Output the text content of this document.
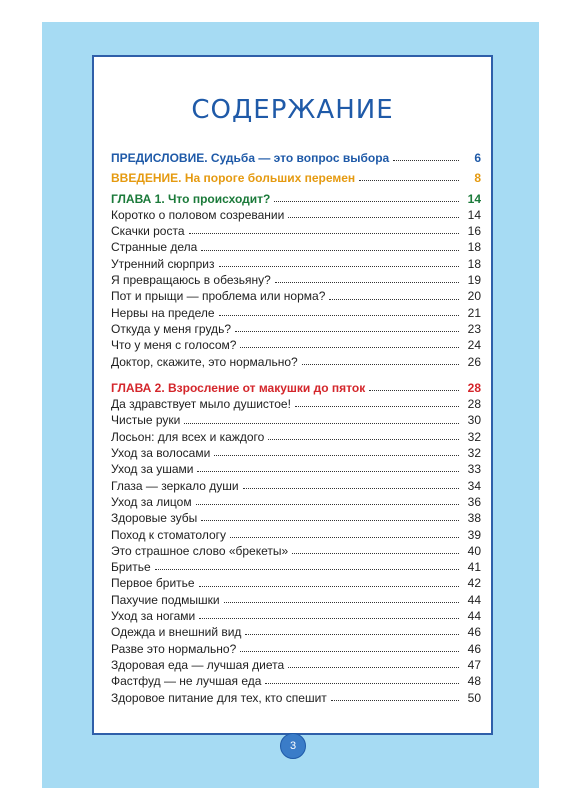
СОДЕРЖАНИЕ
ПРЕДИСЛОВИЕ. Судьба — это вопрос выбора	6
ВВЕДЕНИЕ. На пороге больших перемен	8
ГЛАВА 1. Что происходит?	14
Коротко о половом созревании	14
Скачки роста	16
Странные дела	18
Утренний сюрприз	18
Я превращаюсь в обезьяну?	19
Пот и прыщи — проблема или норма?	20
Нервы на пределе	21
Откуда у меня грудь?	23
Что у меня с голосом?	24
Доктор, скажите, это нормально?	26
ГЛАВА 2. Взросление от макушки до пяток	28
Да здравствует мыло душистое!	28
Чистые руки	30
Лосьон: для всех и каждого	32
Уход за волосами	32
Уход за ушами	33
Глаза — зеркало души	34
Уход за лицом	36
Здоровые зубы	38
Поход к стоматологу	39
Это страшное слово «брекеты»	40
Бритье	41
Первое бритье	42
Пахучие подмышки	44
Уход за ногами	44
Одежда и внешний вид	46
Разве это нормально?	46
Здоровая еда — лучшая диета	47
Фастфуд — не лучшая еда	48
Здоровое питание для тех, кто спешит	50
3
